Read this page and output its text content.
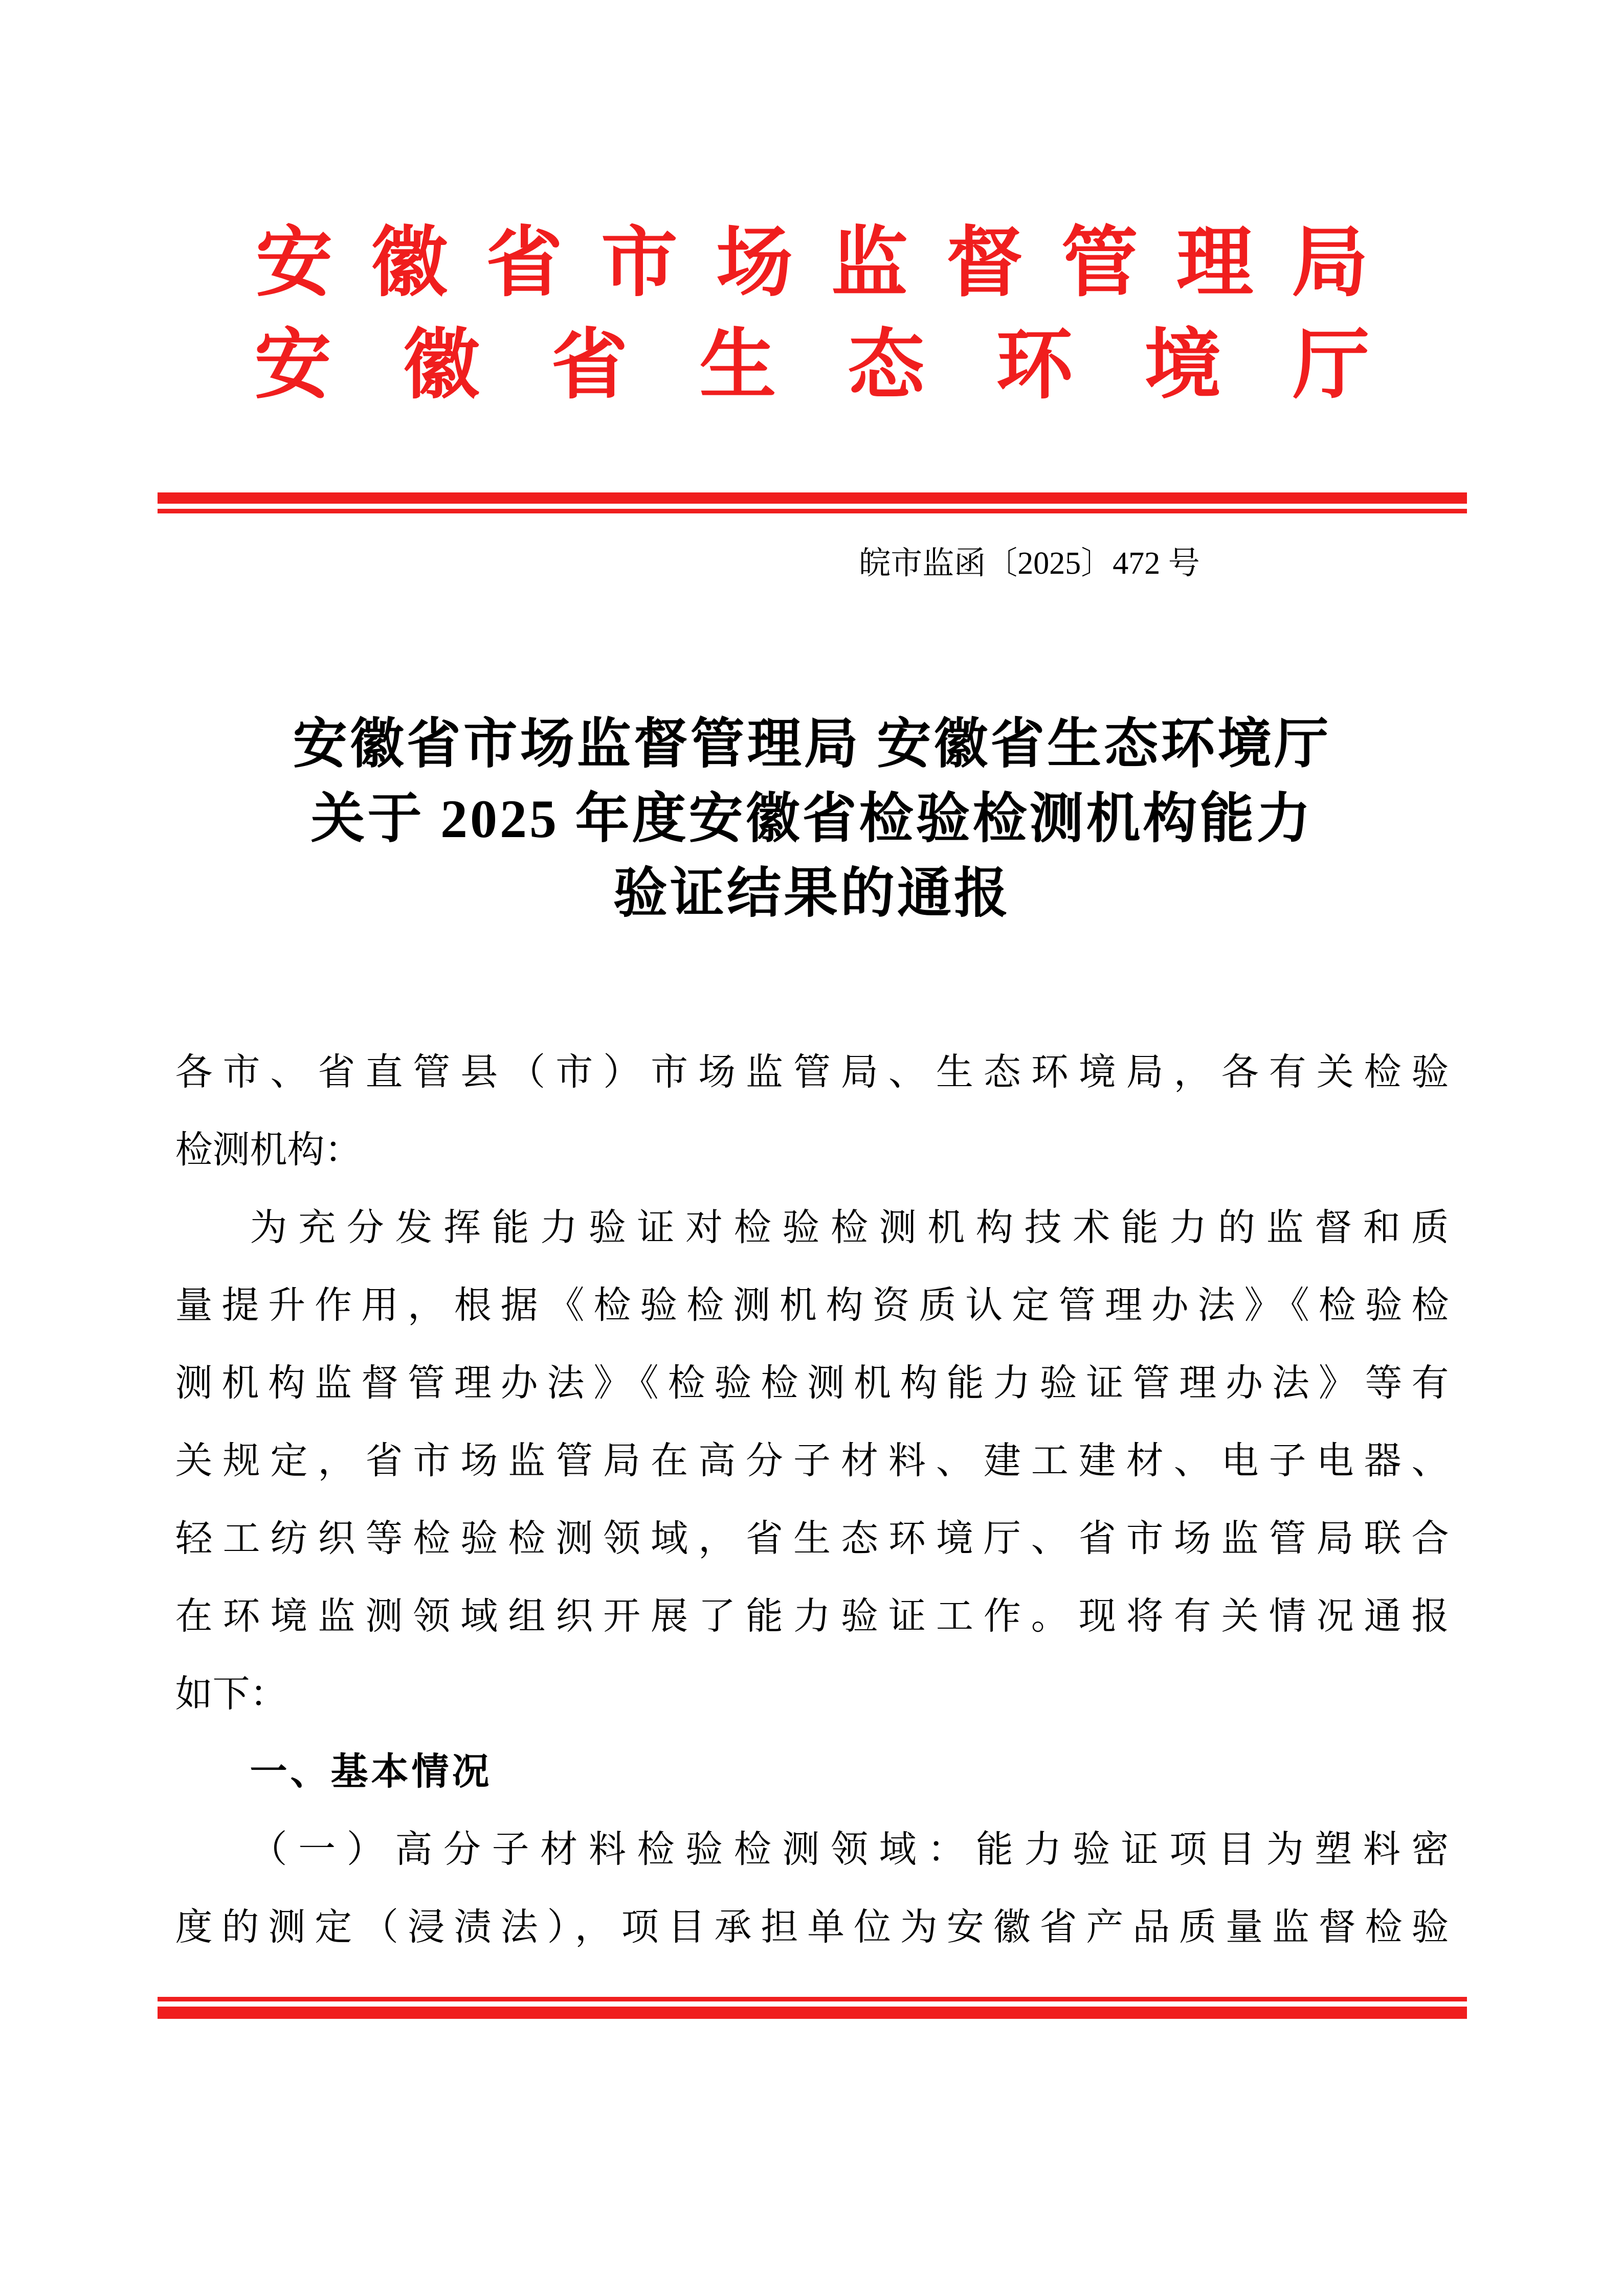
安徽省市场监督管理局
安徽省生态环境厅
皖市监函〔2025〕472 号
安徽省市场监督管理局 安徽省生态环境厅
关于 2025 年度安徽省检验检测机构能力
验证结果的通报
各市、省直管县（市）市场监管局、生态环境局，各有关检验
检测机构：
为充分发挥能力验证对检验检测机构技术能力的监督和质
量提升作用，根据《检验检测机构资质认定管理办法》《检验检
测机构监督管理办法》《检验检测机构能力验证管理办法》等有
关规定，省市场监管局在高分子材料、建工建材、电子电器、
轻工纺织等检验检测领域，省生态环境厅、省市场监管局联合
在环境监测领域组织开展了能力验证工作。现将有关情况通报
如下：
一、基本情况
（一）高分子材料检验检测领域：能力验证项目为塑料密
度的测定（浸渍法），项目承担单位为安徽省产品质量监督检验
